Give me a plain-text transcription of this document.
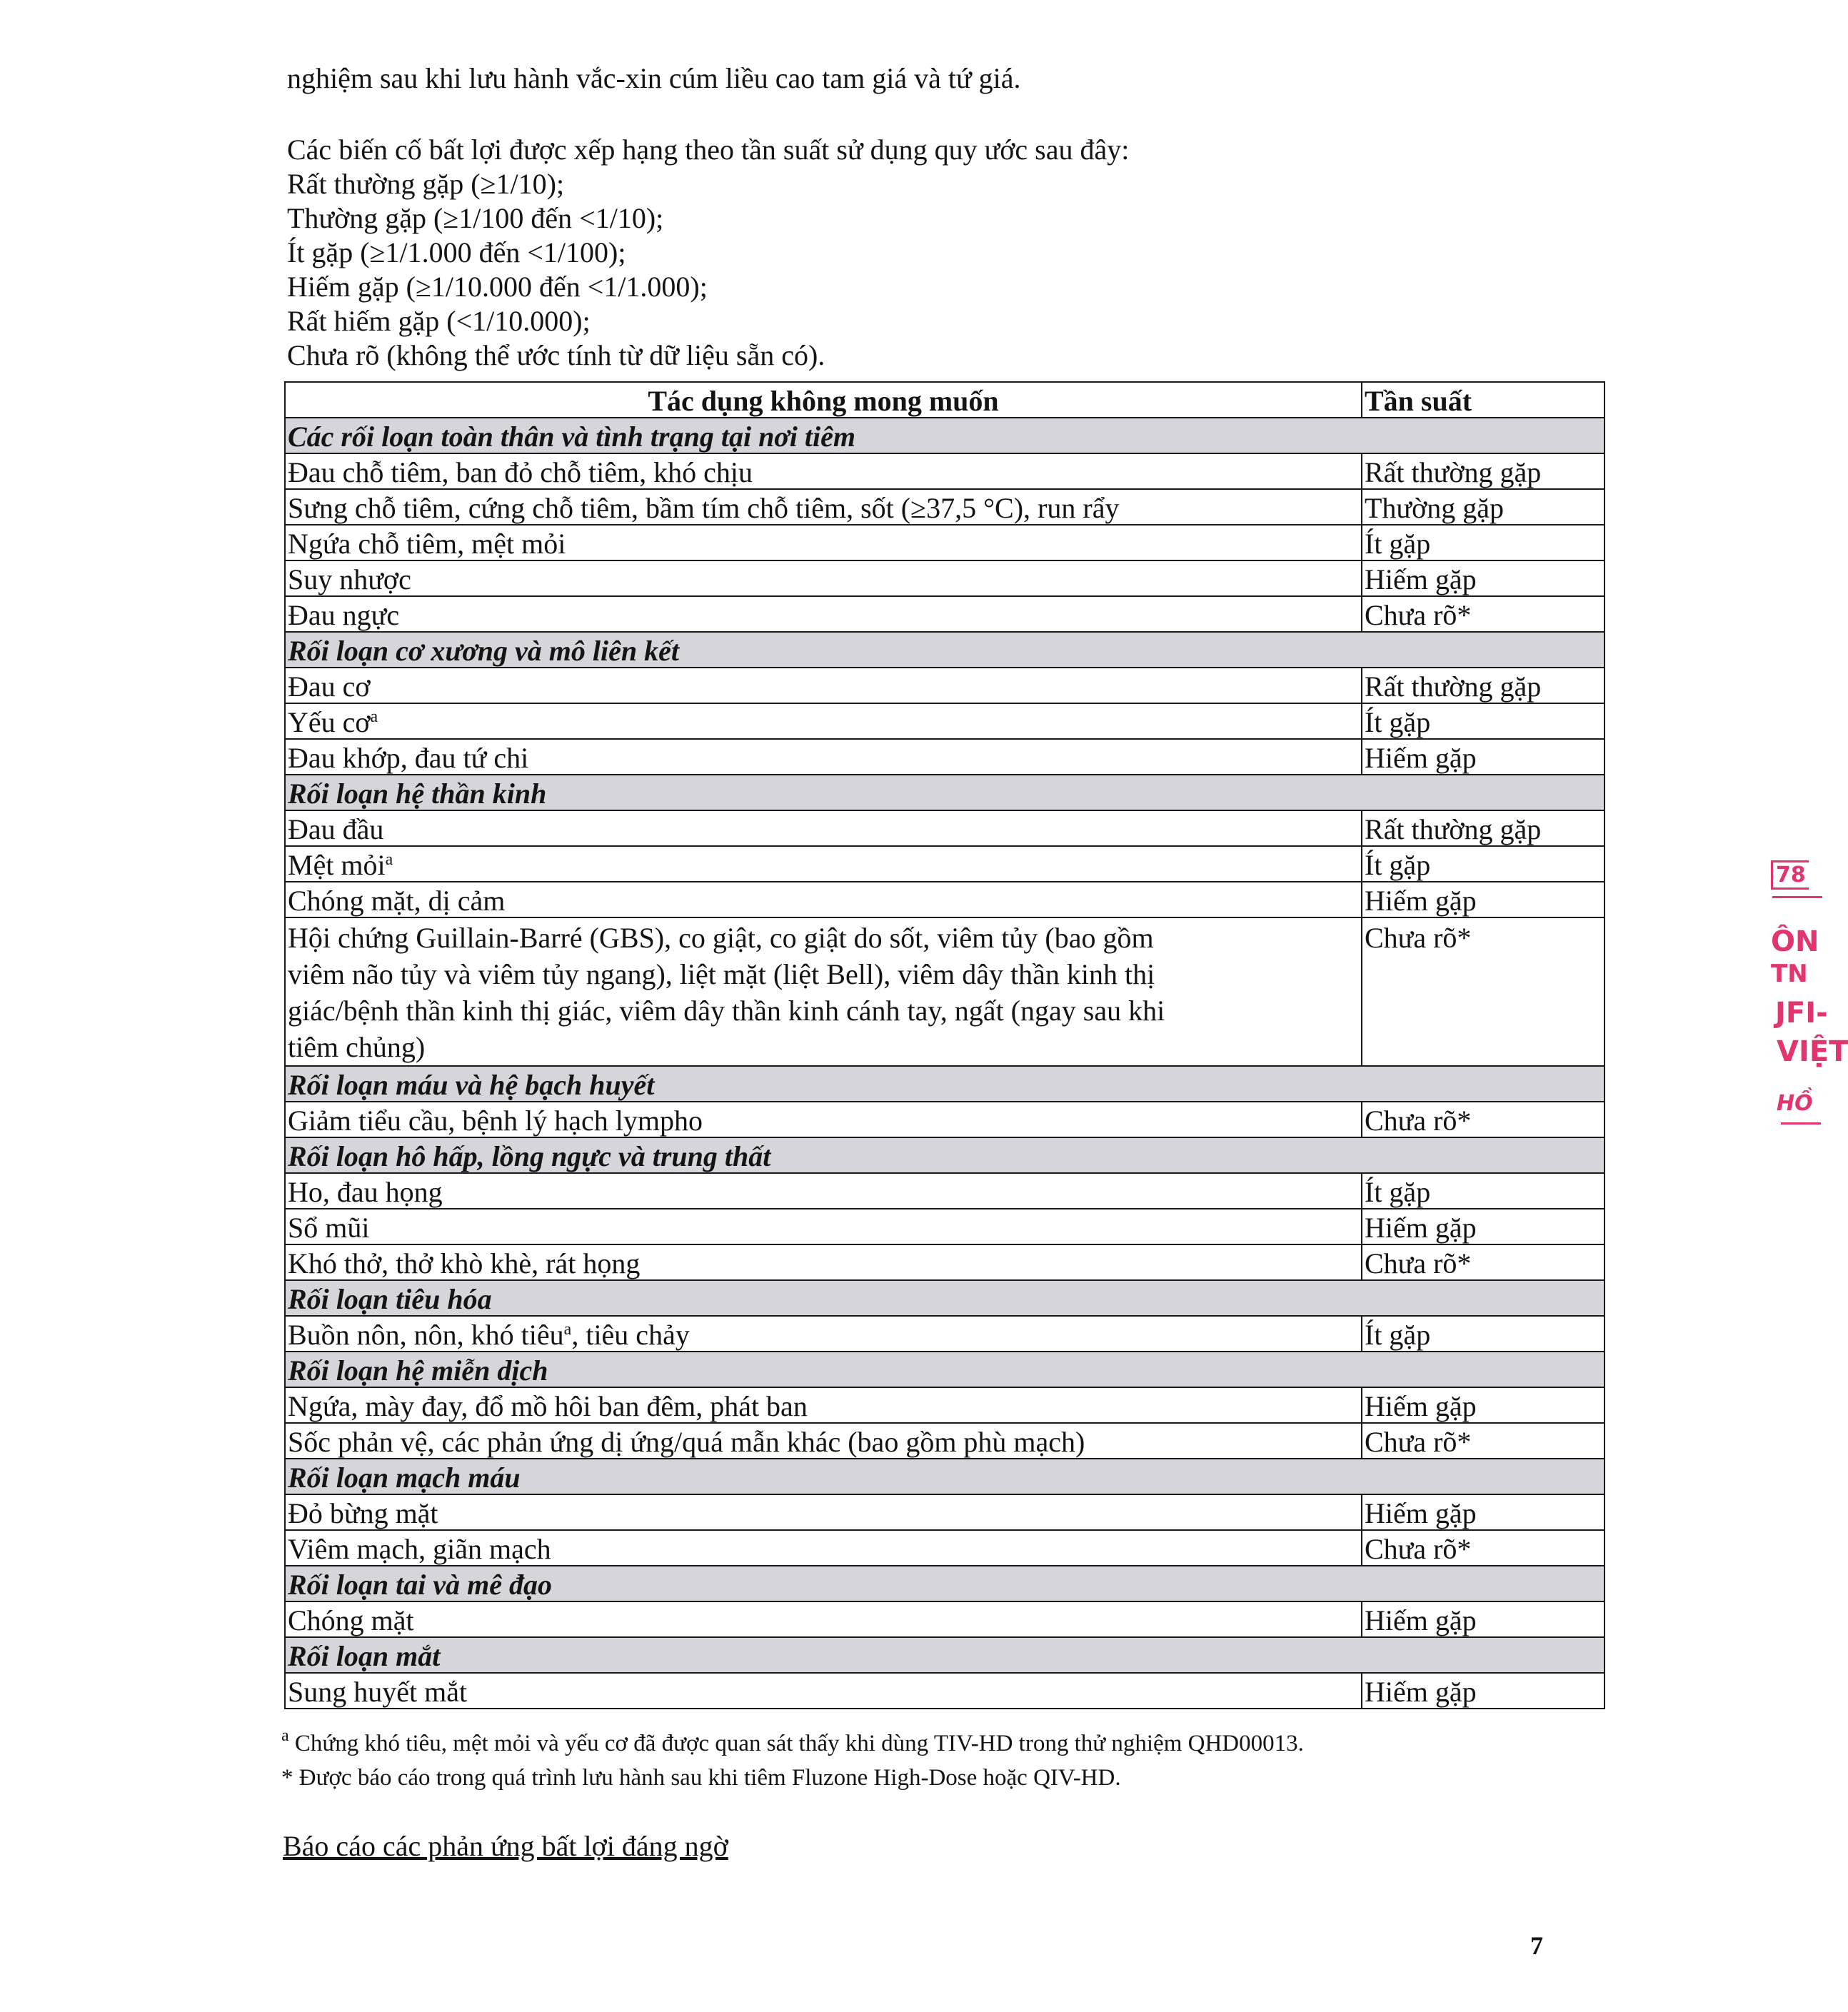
nghiệm sau khi lưu hành vắc-xin cúm liều cao tam giá và tứ giá.
Các biến cố bất lợi được xếp hạng theo tần suất sử dụng quy ước sau đây:
Rất thường gặp (≥1/10);
Thường gặp (≥1/100 đến <1/10);
Ít gặp (≥1/1.000 đến <1/100);
Hiếm gặp (≥1/10.000 đến <1/1.000);
Rất hiếm gặp (<1/10.000);
Chưa rõ (không thể ước tính từ dữ liệu sẵn có).
Tác dụng không mong muốn	Tần suất
Các rối loạn toàn thân và tình trạng tại nơi tiêm	
Đau chỗ tiêm, ban đỏ chỗ tiêm, khó chịu	Rất thường gặp
Sưng chỗ tiêm, cứng chỗ tiêm, bầm tím chỗ tiêm, sốt (≥37,5 °C), run rẩy	Thường gặp
Ngứa chỗ tiêm, mệt mỏi	Ít gặp
Suy nhược	Hiếm gặp
Đau ngực	Chưa rõ*
Rối loạn cơ xương và mô liên kết	
Đau cơ	Rất thường gặp
Yếu $cơ^a$	Ít gặp
Đau khớp, đau tứ chi	Hiếm gặp
Rối loạn hệ thần kinh	
Đau đầu	Rất thường gặp
Mệt mỏi$^a$	Ít gặp
Chóng mặt, dị cảm	Hiếm gặp

Hội chứng Guillain-Barré (GBS), co giật, co giật do sốt, viêm tủy (bao gồm
viêm não tủy và viêm tủy ngang), liệt mặt (liệt Bell), viêm dây thần kinh thị
giác/bệnh thần kinh thị giác, viêm dây thần kinh cánh tay, ngất (ngay sau khi
tiêm chủng)	Chưa rõ*
Rối loạn máu và hệ bạch huyết	
Giảm tiểu cầu, bệnh lý hạch lympho	Chưa rõ*
Rối loạn hô hấp, lồng ngực và trung thất	
Ho, đau họng	Ít gặp
Sổ mũi	Hiếm gặp
Khó thở, thở khò khè, rát họng	Chưa rõ*
Rối loạn tiêu hóa	
Buồn nôn, nôn, khó tiêu$^a$, tiêu chảy	Ít gặp
Rối loạn hệ miễn dịch	
Ngứa, mày đay, đổ mồ hôi ban đêm, phát ban	Hiếm gặp
Sốc phản vệ, các phản ứng dị ứng/quá mẫn khác (bao gồm phù mạch)	Chưa rõ*
Rối loạn mạch máu	
Đỏ bừng mặt	Hiếm gặp
Viêm mạch, giãn mạch	Chưa rõ*
Rối loạn tai và mê đạo	
Chóng mặt	Hiếm gặp
Rối loạn mắt	
Sung huyết mắt	Hiếm gặp
$^a$ Chứng khó tiêu, mệt mỏi và yếu cơ đã được quan sát thấy khi dùng TIV-HD trong thử nghiệm QHD00013.
* Được báo cáo trong quá trình lưu hành sau khi tiêm Fluzone High-Dose hoặc QIV-HD.
Báo cáo các phản ứng bất lợi đáng ngờ
7
78
ÔN
TN
JFI-
VIỆT
HỒ
